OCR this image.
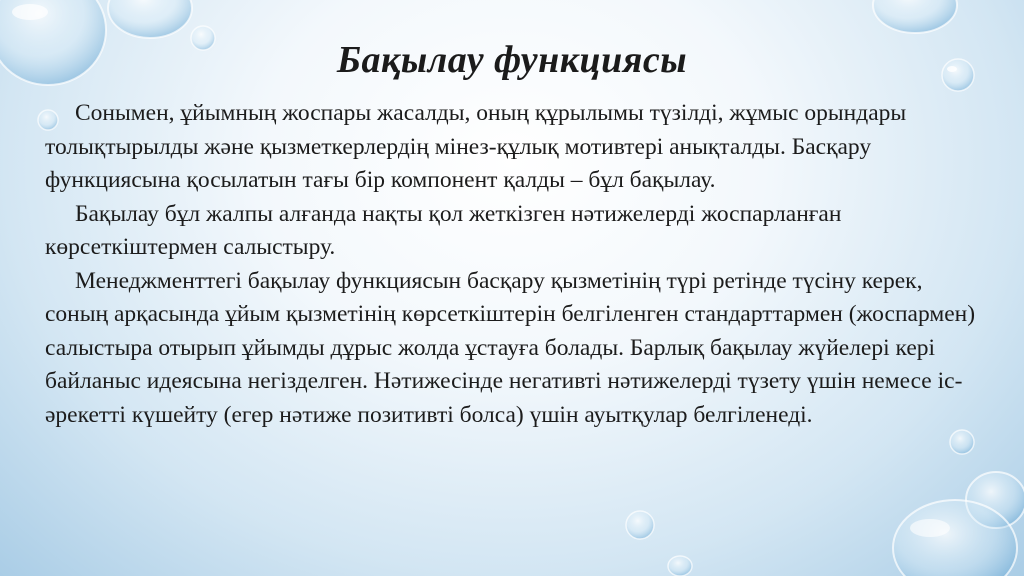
Бақылау функциясы

Сонымен, ұйымның жоспары жасалды, оның құрылымы түзілді, жұмыс орындары толықтырылды және қызметкерлердің мінез-құлық мотивтері анықталды. Басқару функциясына қосылатын тағы бір компонент қалды – бұл бақылау.

Бақылау бұл жалпы алғанда нақты қол жеткізген нәтижелерді жоспарланған көрсеткіштермен салыстыру.

Менеджменттегі бақылау функциясын басқару қызметінің түрі ретінде түсіну керек, соның арқасында ұйым қызметінің көрсеткіштерін белгіленген стандарттармен (жоспармен) салыстыра отырып ұйымды дұрыс жолда ұстауға болады. Барлық бақылау жүйелері кері байланыс идеясына негізделген. Нәтижесінде негативті нәтижелерді түзету үшін немесе іс-әрекетті күшейту (егер нәтиже позитивті болса) үшін ауытқулар белгіленеді.
